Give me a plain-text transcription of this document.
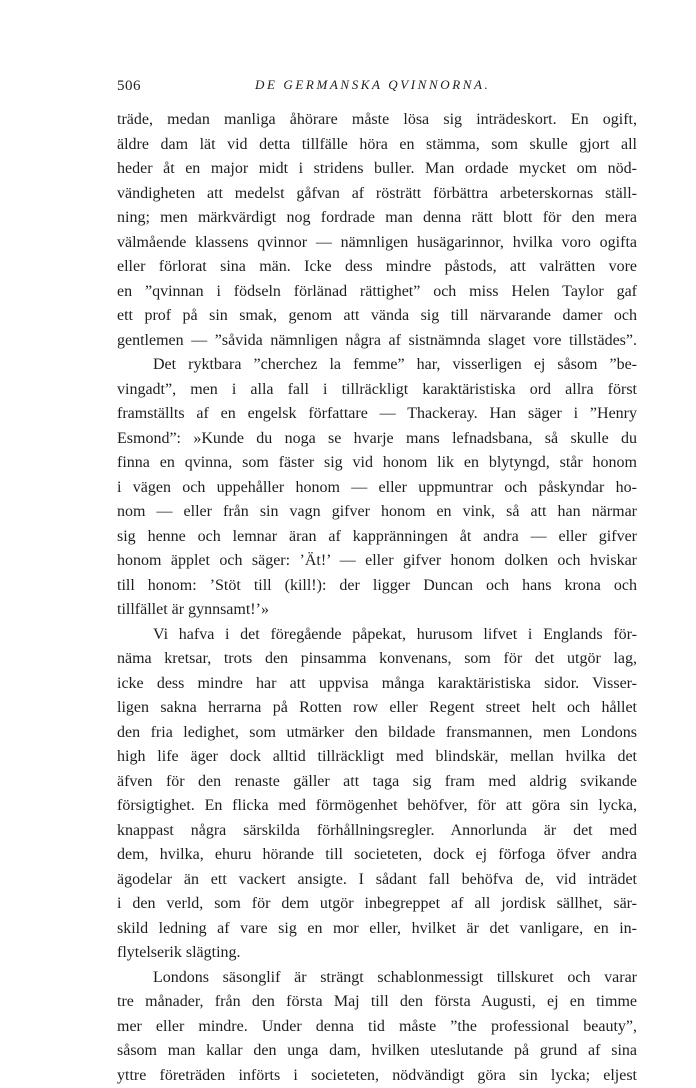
506	DE GERMANSKA QVINNORNA.
träde, medan manliga åhörare måste lösa sig inträdeskort. En ogift,
äldre dam lät vid detta tillfälle höra en stämma, som skulle gjort all
heder åt en major midt i stridens buller. Man ordade mycket om nöd-
vändigheten att medelst gåfvan af rösträtt förbättra arbeterskornas ställ-
ning; men märkvärdigt nog fordrade man denna rätt blott för den mera
välmående klassens qvinnor — nämnligen husägarinnor, hvilka voro ogifta
eller förlorat sina män. Icke dess mindre påstods, att valrätten vore
en ”qvinnan i födseln förlänad rättighet” och miss Helen Taylor gaf
ett prof på sin smak, genom att vända sig till närvarande damer och
gentlemen — ”såvida nämnligen några af sistnämnda slaget vore tillstädes”.
Det ryktbara ”cherchez la femme” har, visserligen ej såsom ”be-
vingadt”, men i alla fall i tillräckligt karaktäristiska ord allra först
framställts af en engelsk författare — Thackeray. Han säger i ”Henry
Esmond”: »Kunde du noga se hvarje mans lefnadsbana, så skulle du
finna en qvinna, som fäster sig vid honom lik en blytyngd, står honom
i vägen och uppehåller honom — eller uppmuntrar och påskyndar ho-
nom — eller från sin vagn gifver honom en vink, så att han närmar
sig henne och lemnar äran af kappränningen åt andra — eller gifver
honom äpplet och säger: ’Ät!’ — eller gifver honom dolken och hviskar
till honom: ’Stöt till (kill!): der ligger Duncan och hans krona och
tillfället är gynnsamt!’»
Vi hafva i det föregående påpekat, hurusom lifvet i Englands för-
näma kretsar, trots den pinsamma konvenans, som för det utgör lag,
icke dess mindre har att uppvisa många karaktäristiska sidor. Visser-
ligen sakna herrarna på Rotten row eller Regent street helt och hållet
den fria ledighet, som utmärker den bildade fransmannen, men Londons
high life äger dock alltid tillräckligt med blindskär, mellan hvilka det
äfven för den renaste gäller att taga sig fram med aldrig svikande
försigtighet. En flicka med förmögenhet behöfver, för att göra sin lycka,
knappast några särskilda förhållningsregler. Annorlunda är det med
dem, hvilka, ehuru hörande till societeten, dock ej förfoga öfver andra
ägodelar än ett vackert ansigte. I sådant fall behöfva de, vid inträdet
i den verld, som för dem utgör inbegreppet af all jordisk sällhet, sär-
skild ledning af vare sig en mor eller, hvilket är det vanligare, en in-
flytelserik slägting.
Londons säsonglif är strängt schablonmessigt tillskuret och varar
tre månader, från den första Maj till den första Augusti, ej en timme
mer eller mindre. Under denna tid måste ”the professional beauty”,
såsom man kallar den unga dam, hvilken uteslutande på grund af sina
yttre företräden införts i societeten, nödvändigt göra sin lycka; eljest
